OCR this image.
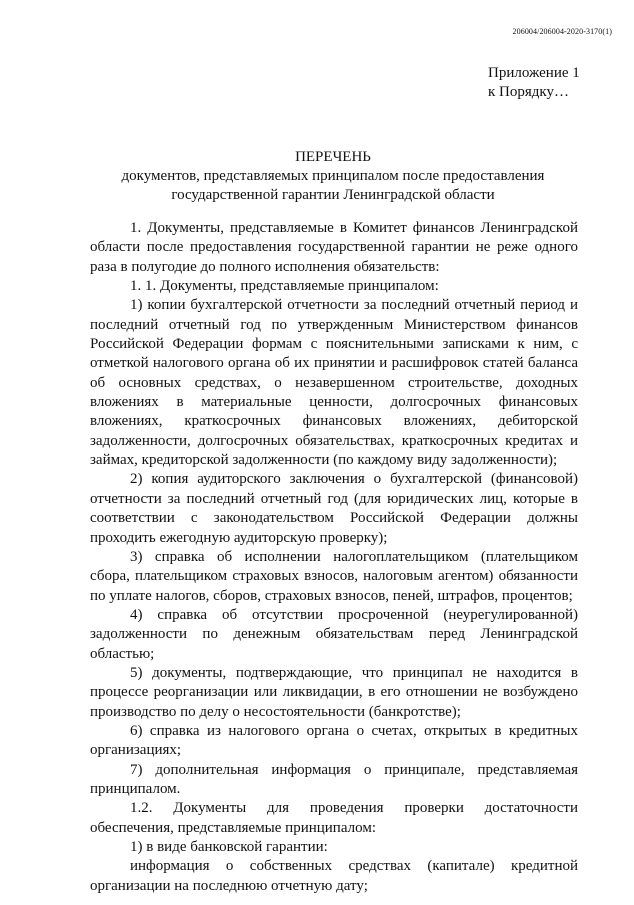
206004/206004-2020-3170(1)
Приложение 1
к Порядку…
ПЕРЕЧЕНЬ
документов, представляемых принципалом после предоставления
государственной гарантии Ленинградской области

1. Документы, представляемые в Комитет финансов Ленинградской области после предоставления государственной гарантии не реже одного раза в полугодие до полного исполнения обязательств:

1. 1. Документы, представляемые принципалом:

1) копии бухгалтерской отчетности за последний отчетный период и последний отчетный год по утвержденным Министерством финансов Российской Федерации формам с пояснительными записками к ним, с отметкой налогового органа об их принятии и расшифровок статей баланса об основных средствах, о незавершенном строительстве, доходных вложениях в материальные ценности, долгосрочных финансовых вложениях, краткосрочных финансовых вложениях, дебиторской задолженности, долгосрочных обязательствах, краткосрочных кредитах и займах, кредиторской задолженности (по каждому виду задолженности);

2) копия аудиторского заключения о бухгалтерской (финансовой) отчетности за последний отчетный год (для юридических лиц, которые в соответствии с законодательством Российской Федерации должны проходить ежегодную аудиторскую проверку);

3) справка об исполнении налогоплательщиком (плательщиком сбора, плательщиком страховых взносов, налоговым агентом) обязанности по уплате налогов, сборов, страховых взносов, пеней, штрафов, процентов;

4) справка об отсутствии просроченной (неурегулированной) задолженности по денежным обязательствам перед Ленинградской областью;

5) документы, подтверждающие, что принципал не находится в процессе реорганизации или ликвидации, в его отношении не возбуждено производство по делу о несостоятельности (банкротстве);

6) справка из налогового органа о счетах, открытых в кредитных организациях;

7) дополнительная информация о принципале, представляемая принципалом.

1.2. Документы для проведения проверки достаточности обеспечения, представляемые принципалом:

1) в виде банковской гарантии:

информация о собственных средствах (капитале) кредитной организации на последнюю отчетную дату;
